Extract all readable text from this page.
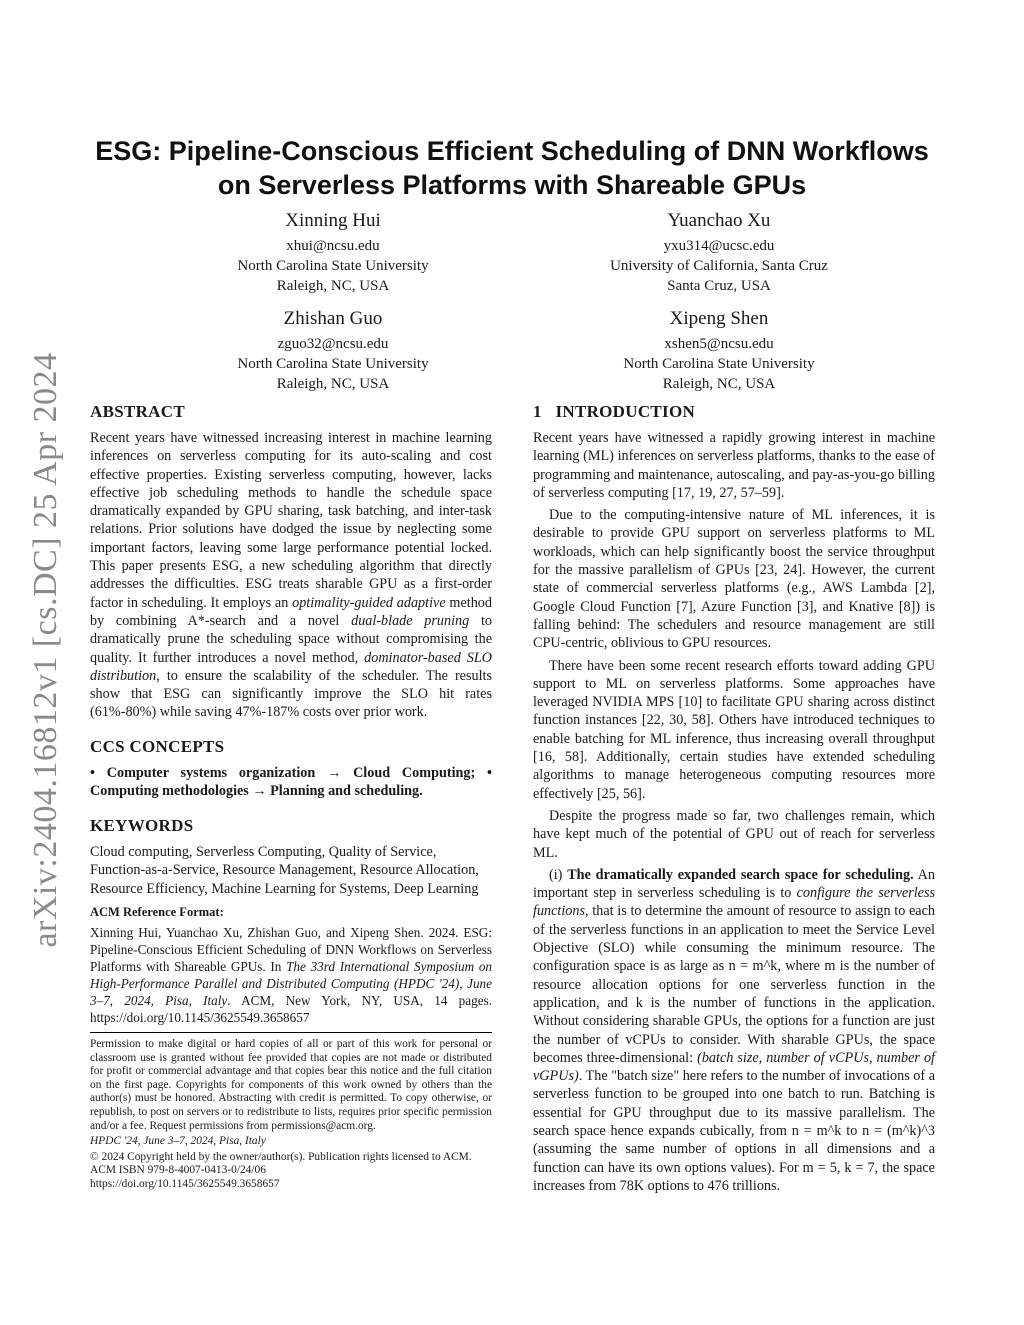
arXiv:2404.16812v1 [cs.DC] 25 Apr 2024
ESG: Pipeline-Conscious Efficient Scheduling of DNN Workflows
on Serverless Platforms with Shareable GPUs
Xinning Hui
xhui@ncsu.edu
North Carolina State University
Raleigh, NC, USA
Yuanchao Xu
yxu314@ucsc.edu
University of California, Santa Cruz
Santa Cruz, USA
Zhishan Guo
zguo32@ncsu.edu
North Carolina State University
Raleigh, NC, USA
Xipeng Shen
xshen5@ncsu.edu
North Carolina State University
Raleigh, NC, USA
ABSTRACT

Recent years have witnessed increasing interest in machine learning inferences on serverless computing for its auto-scaling and cost effective properties. Existing serverless computing, however, lacks effective job scheduling methods to handle the schedule space dramatically expanded by GPU sharing, task batching, and inter-task relations. Prior solutions have dodged the issue by neglecting some important factors, leaving some large performance potential locked. This paper presents ESG, a new scheduling algorithm that directly addresses the difficulties. ESG treats sharable GPU as a first-order factor in scheduling. It employs an optimality-guided adaptive method by combining A*-search and a novel dual-blade pruning to dramatically prune the scheduling space without compromising the quality. It further introduces a novel method, dominator-based SLO distribution, to ensure the scalability of the scheduler. The results show that ESG can significantly improve the SLO hit rates (61%-80%) while saving 47%-187% costs over prior work.

CCS CONCEPTS

• Computer systems organization → Cloud Computing; • Computing methodologies → Planning and scheduling.

KEYWORDS

Cloud computing, Serverless Computing, Quality of Service, Function-as-a-Service, Resource Management, Resource Allocation, Resource Efficiency, Machine Learning for Systems, Deep Learning

ACM Reference Format:

Xinning Hui, Yuanchao Xu, Zhishan Guo, and Xipeng Shen. 2024. ESG: Pipeline-Conscious Efficient Scheduling of DNN Workflows on Serverless Platforms with Shareable GPUs. In The 33rd International Symposium on High-Performance Parallel and Distributed Computing (HPDC '24), June 3–7, 2024, Pisa, Italy. ACM, New York, NY, USA, 14 pages. https://doi.org/10.1145/3625549.3658657

Permission to make digital or hard copies of all or part of this work for personal or classroom use is granted without fee provided that copies are not made or distributed for profit or commercial advantage and that copies bear this notice and the full citation on the first page. Copyrights for components of this work owned by others than the author(s) must be honored. Abstracting with credit is permitted. To copy otherwise, or republish, to post on servers or to redistribute to lists, requires prior specific permission and/or a fee. Request permissions from permissions@acm.org.

HPDC '24, June 3–7, 2024, Pisa, Italy

© 2024 Copyright held by the owner/author(s). Publication rights licensed to ACM.

ACM ISBN 979-8-4007-0413-0/24/06

https://doi.org/10.1145/3625549.3658657

1   INTRODUCTION

Recent years have witnessed a rapidly growing interest in machine learning (ML) inferences on serverless platforms, thanks to the ease of programming and maintenance, autoscaling, and pay-as-you-go billing of serverless computing [17, 19, 27, 57–59].

Due to the computing-intensive nature of ML inferences, it is desirable to provide GPU support on serverless platforms to ML workloads, which can help significantly boost the service throughput for the massive parallelism of GPUs [23, 24]. However, the current state of commercial serverless platforms (e.g., AWS Lambda [2], Google Cloud Function [7], Azure Function [3], and Knative [8]) is falling behind: The schedulers and resource management are still CPU-centric, oblivious to GPU resources.

There have been some recent research efforts toward adding GPU support to ML on serverless platforms. Some approaches have leveraged NVIDIA MPS [10] to facilitate GPU sharing across distinct function instances [22, 30, 58]. Others have introduced techniques to enable batching for ML inference, thus increasing overall throughput [16, 58]. Additionally, certain studies have extended scheduling algorithms to manage heterogeneous computing resources more effectively [25, 56].

Despite the progress made so far, two challenges remain, which have kept much of the potential of GPU out of reach for serverless ML.

(i) The dramatically expanded search space for scheduling. An important step in serverless scheduling is to configure the serverless functions, that is to determine the amount of resource to assign to each of the serverless functions in an application to meet the Service Level Objective (SLO) while consuming the minimum resource. The configuration space is as large as n = m^k, where m is the number of resource allocation options for one serverless function in the application, and k is the number of functions in the application. Without considering sharable GPUs, the options for a function are just the number of vCPUs to consider. With sharable GPUs, the space becomes three-dimensional: (batch size, number of vCPUs, number of vGPUs). The "batch size" here refers to the number of invocations of a serverless function to be grouped into one batch to run. Batching is essential for GPU throughput due to its massive parallelism. The search space hence expands cubically, from n = m^k to n = (m^k)^3 (assuming the same number of options in all dimensions and a function can have its own options values). For m = 5, k = 7, the space increases from 78K options to 476 trillions.
